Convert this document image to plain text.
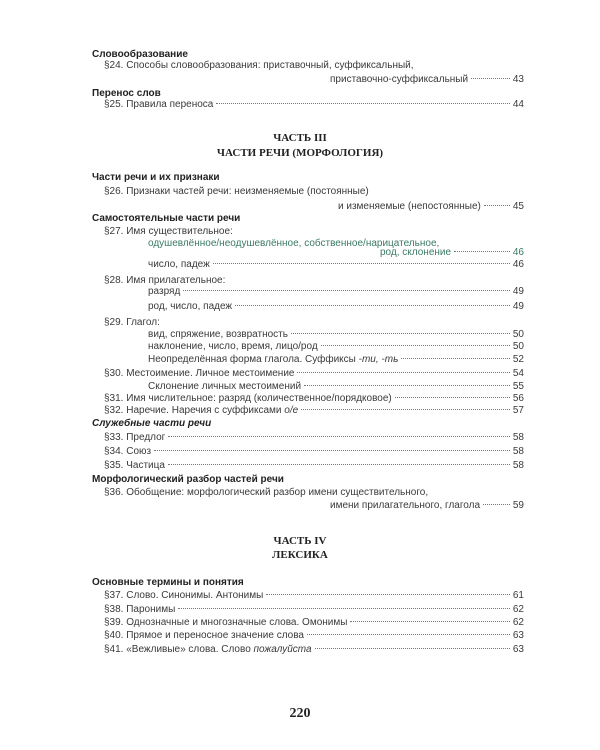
Словообразование
§24. Способы словообразования: приставочный, суффиксальный,
приставочно-суффиксальный	43
Перенос слов
§25. Правила переноса	44
ЧАСТЬ III
ЧАСТИ РЕЧИ (МОРФОЛОГИЯ)
Части речи и их признаки
§26. Признаки частей речи: неизменяемые (постоянные)
и изменяемые (непостоянные)	45
Самостоятельные части речи
§27. Имя существительное:
одушевлённое/неодушевлённое, собственное/нарицательное,
род, склонение	46
число, падеж	46
§28. Имя прилагательное:
разряд	49
род, число, падеж	49
§29. Глагол:
вид, спряжение, возвратность	50
наклонение, число, время, лицо/род	50
Неопределённая форма глагола. Суффиксы -ти, -ть	52
§30. Местоимение. Личное местоимение	54
Склонение личных местоимений	55
§31. Имя числительное: разряд (количественное/порядковое)	56
§32. Наречие. Наречия с суффиксами о/е	57
Служебные части речи
§33. Предлог	58
§34. Союз	58
§35. Частица	58
Морфологический разбор частей речи
§36. Обобщение: морфологический разбор имени существительного,
имени прилагательного, глагола	59
ЧАСТЬ IV
ЛЕКСИКА
Основные термины и понятия
§37. Слово. Синонимы. Антонимы	61
§38. Паронимы	62
§39. Однозначные и многозначные слова. Омонимы	62
§40. Прямое и переносное значение слова	63
§41. «Вежливые» слова. Слово пожалуйста	63
220
